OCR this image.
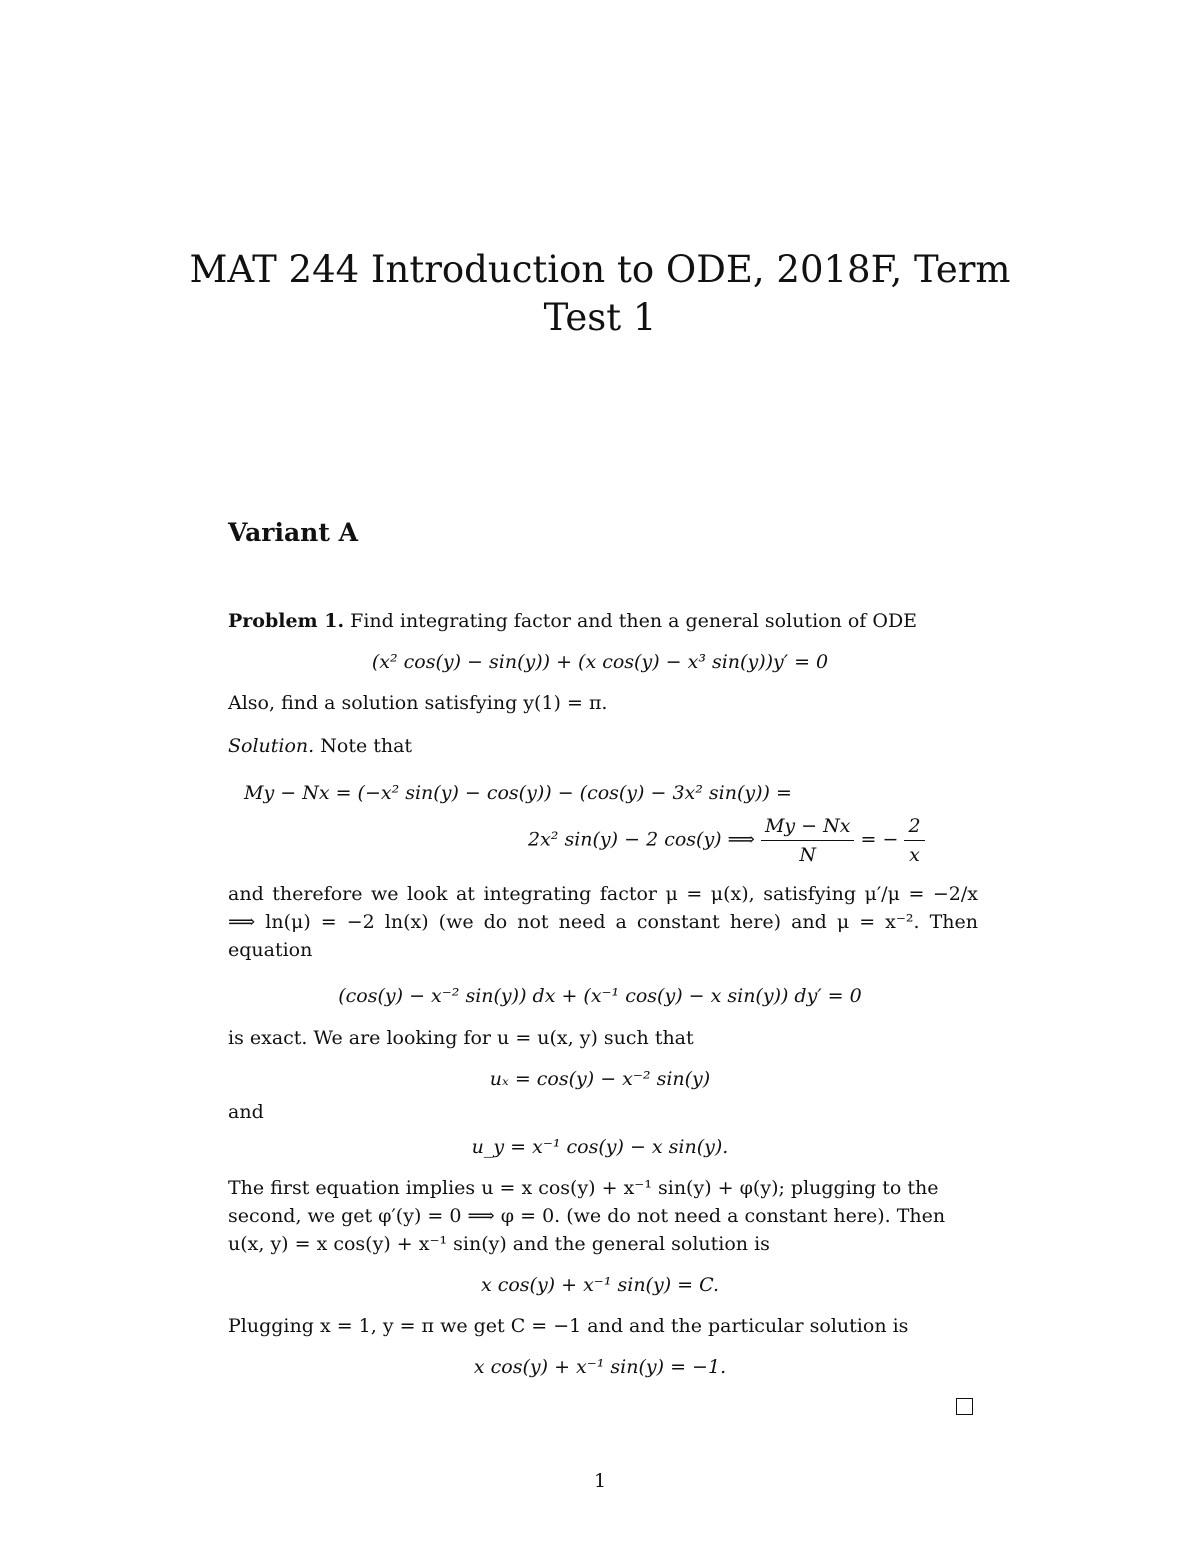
MAT 244 Introduction to ODE, 2018F, Term
Test 1
Variant A
Problem 1. Find integrating factor and then a general solution of ODE
(x² cos(y) − sin(y)) + (x cos(y) − x³ sin(y))y′ = 0
Also, find a solution satisfying y(1) = π.
Solution. Note that
My − Nx = (−x² sin(y) − cos(y)) − (cos(y) − 3x² sin(y)) =
2x² sin(y) − 2 cos(y) ⟹ $\frac{My - Nx}{N}$ = − $\frac{2}{x}$
and therefore we look at integrating factor μ = μ(x), satisfying μ′/μ = −2/x ⟹ ln(μ) = −2 ln(x) (we do not need a constant here) and μ = x⁻². Then equation
(cos(y) − x⁻² sin(y)) dx + (x⁻¹ cos(y) − x sin(y)) dy′ = 0
is exact. We are looking for u = u(x, y) such that
uₓ = cos(y) − x⁻² sin(y)
and
u_y = x⁻¹ cos(y) − x sin(y).
The first equation implies u = x cos(y) + x⁻¹ sin(y) + φ(y); plugging to the second, we get φ′(y) = 0 ⟹ φ = 0. (we do not need a constant here). Then u(x, y) = x cos(y) + x⁻¹ sin(y) and the general solution is
x cos(y) + x⁻¹ sin(y) = C.
Plugging x = 1, y = π we get C = −1 and and the particular solution is
x cos(y) + x⁻¹ sin(y) = −1.
1
